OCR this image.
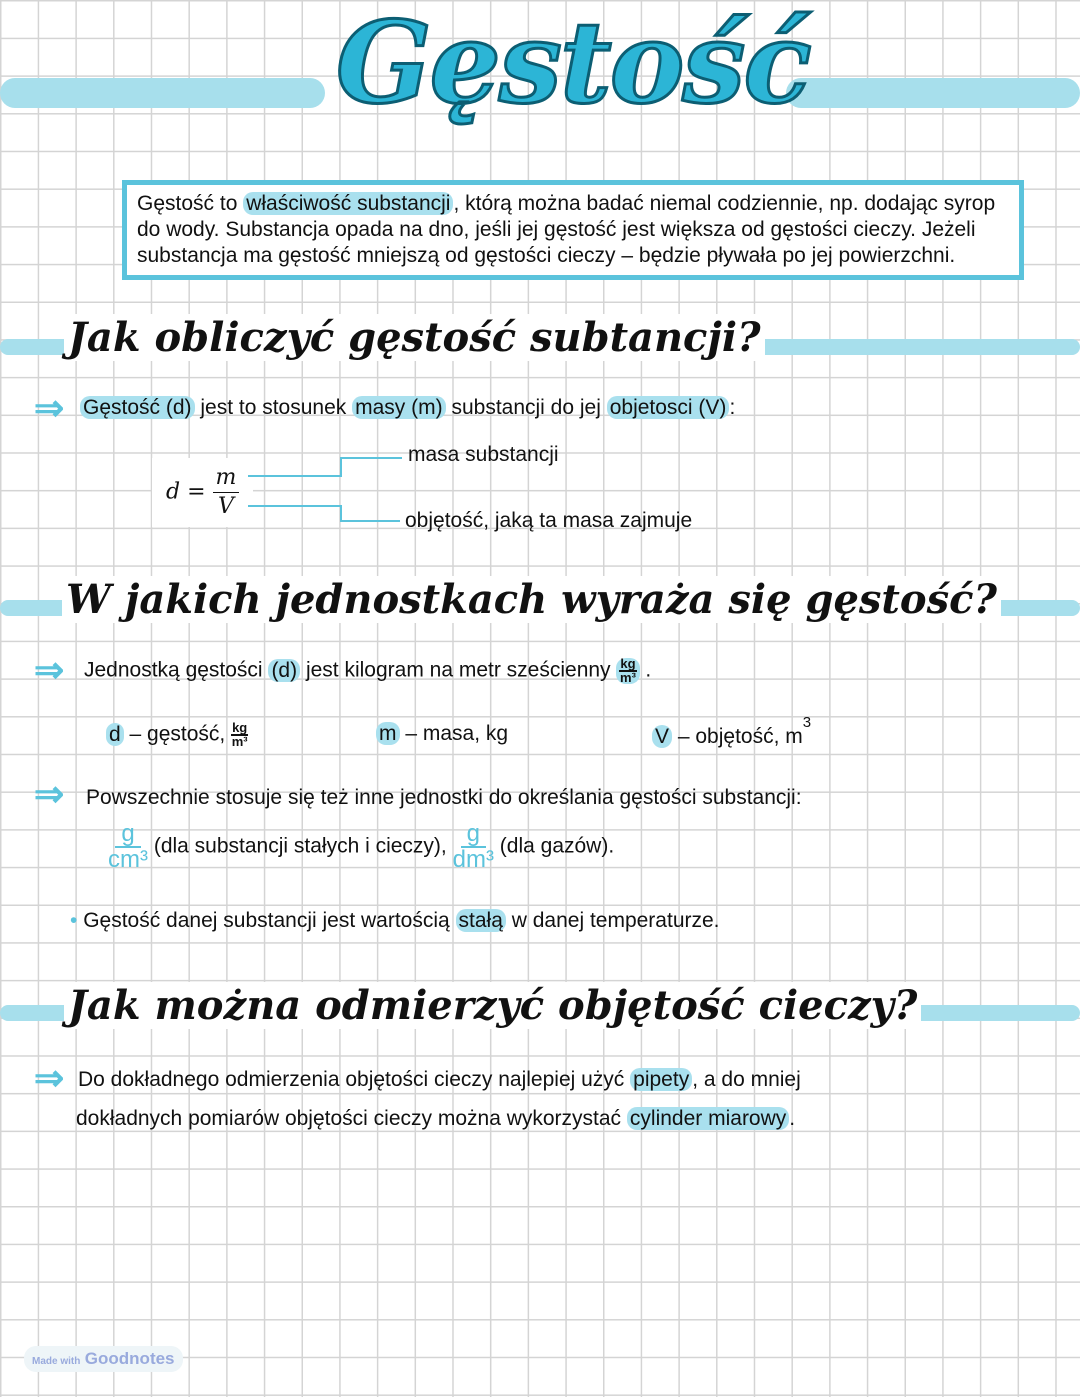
Gęstość
Gęstość to właściwość substancji , którą można badać niemal codziennie, np. dodając syrop
do wody. Substancja opada na dno, jeśli jej gęstość jest większa od gęstości cieczy. Jeżeli
substancja ma gęstość mniejszą od gęstości cieczy – będzie pływała po jej powierzchni.
Jak obliczyć gęstość subtancji?
⇒ Gęstość (d) jest to stosunek masy (m) substancji do jej objetosci (V) :
$d = \frac{m}{V}$
masa substancji
objętość, jaką ta masa zajmuje
W jakich jednostkach wyraża się gęstość?
⇒ Jednostką gęstości (d) jest kilogram na metr sześcienny $\frac{kg}{\text{m³}}$ .
d – gęstość, $\frac{kg}{\text{m³}}$	m – masa, kg	V – objętość, $m^3$
⇒ Powszechnie stosuje się też inne jednostki do określania gęstości substancji:
$\frac{g}{\text{cm³}} (dla$ substancji stałych i cieczy), $\frac{g}{\text{dm³}} (dla$ gazów).
• Gęstość danej substancji jest wartością stałą w danej temperaturze.
Jak można odmierzyć objętość cieczy?
⇒ Do dokładnego odmierzenia objętości cieczy najlepiej użyć pipety , a do mniej
dokładnych pomiarów objętości cieczy można wykorzystać cylinder miarowy .
Made with Goodnotes
